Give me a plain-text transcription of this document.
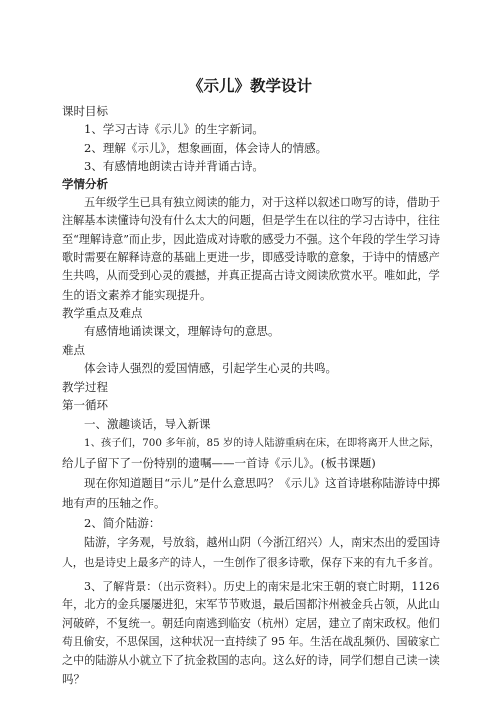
《示儿》教学设计
课时目标
1、学习古诗《示儿》的生字新词。
2、理解《示儿》，想象画面，体会诗人的情感。
3、有感情地朗读古诗并背诵古诗。
学情分析
五年级学生已具有独立阅读的能力，对于这样以叙述口吻写的诗，借助于
注解基本读懂诗句没有什么太大的问题，但是学生在以往的学习古诗中，往往
至“理解诗意”而止步，因此造成对诗歌的感受力不强。这个年段的学生学习诗
歌时需要在解释诗意的基础上更进一步，即感受诗歌的意象，于诗中的情感产
生共鸣，从而受到心灵的震撼，并真正提高古诗文阅读欣赏水平。唯如此，学
生的语文素养才能实现提升。
教学重点及难点
有感情地诵读课文，理解诗句的意思。
难点
体会诗人强烈的爱国情感，引起学生心灵的共鸣。
教学过程
第一循环
一、激趣谈话，导入新课
1、孩子们，700 多年前，85 岁的诗人陆游重病在床，在即将离开人世之际，
给儿子留下了一份特别的遗嘱——一首诗《示儿》。(板书课题)
现在你知道题目“示儿”是什么意思吗？《示儿》这首诗堪称陆游诗中掷
地有声的压轴之作。
2、简介陆游：
陆游，字务观，号放翁，越州山阴（今浙江绍兴）人，南宋杰出的爱国诗
人，也是诗史上最多产的诗人，一生创作了很多诗歌，保存下来的有九千多首。
3、了解背景：（出示资料）。历史上的南宋是北宋王朝的衰亡时期，1126
年，北方的金兵屡屡进犯，宋军节节败退，最后国都汴州被金兵占领，从此山
河破碎，不复统一。朝廷向南逃到临安（杭州）定居，建立了南宋政权。他们
苟且偷安，不思保国，这种状况一直持续了 95 年。生活在战乱频仍、国破家亡
之中的陆游从小就立下了抗金救国的志向。这么好的诗，同学们想自己读一读
吗？
